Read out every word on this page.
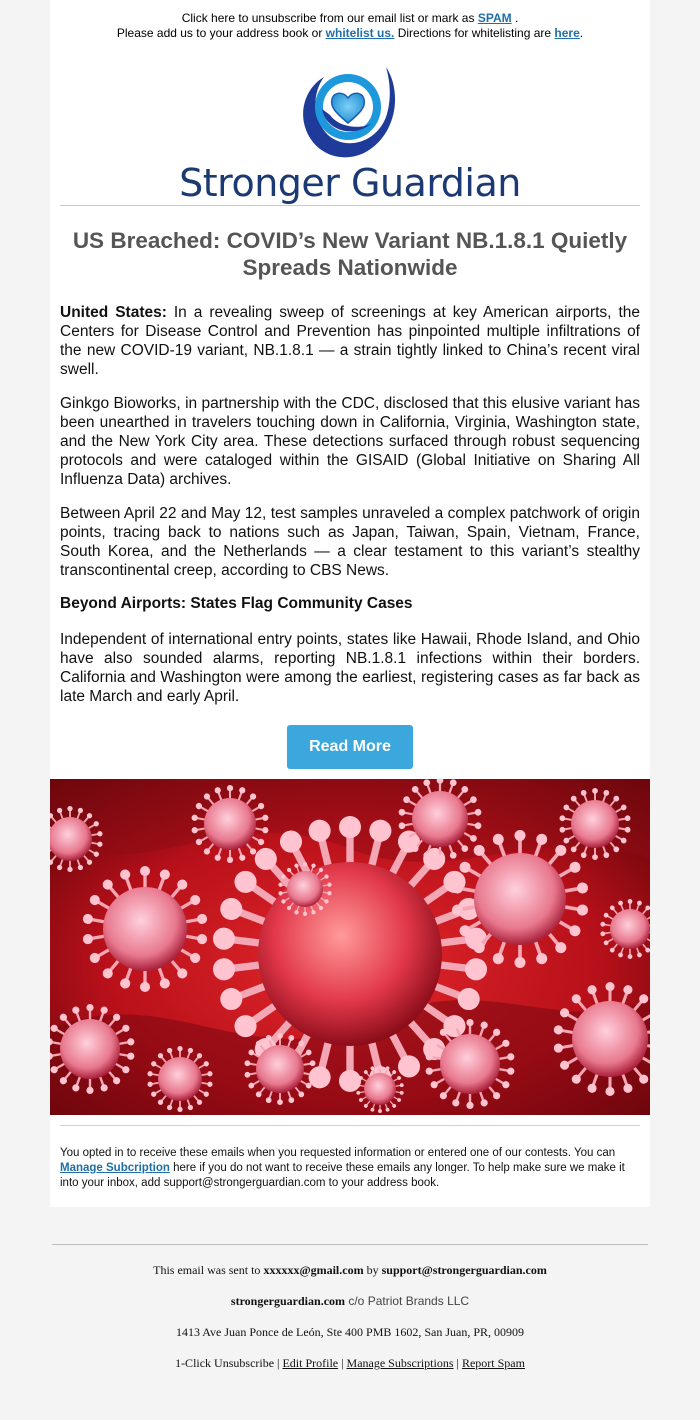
Click here to unsubscribe from our email list or mark as SPAM .
Please add us to your address book or whitelist us. Directions for whitelisting are here.
Stronger Guardian
US Breached: COVID’s New Variant NB.1.8.1 Quietly Spreads Nationwide

United States: In a revealing sweep of screenings at key American airports, the Centers for Disease Control and Prevention has pinpointed multiple infiltrations of the new COVID-19 variant, NB.1.8.1 — a strain tightly linked to China’s recent viral swell.

Ginkgo Bioworks, in partnership with the CDC, disclosed that this elusive variant has been unearthed in travelers touching down in California, Virginia, Washington state, and the New York City area. These detections surfaced through robust sequencing protocols and were cataloged within the GISAID (Global Initiative on Sharing All Influenza Data) archives.

Between April 22 and May 12, test samples unraveled a complex patchwork of origin points, tracing back to nations such as Japan, Taiwan, Spain, Vietnam, France, South Korea, and the Netherlands — a clear testament to this variant’s stealthy transcontinental creep, according to CBS News.

Beyond Airports: States Flag Community Cases

Independent of international entry points, states like Hawaii, Rhode Island, and Ohio have also sounded alarms, reporting NB.1.8.1 infections within their borders. California and Washington were among the earliest, registering cases as far back as late March and early April.

Read More
You opted in to receive these emails when you requested information or entered one of our contests. You can Manage Subcription here if you do not want to receive these emails any longer. To help make sure we make it into your inbox, add support@strongerguardian.com to your address book.
This email was sent to xxxxxx@gmail.com by support@strongerguardian.com
strongerguardian.com c/o Patriot Brands LLC
1413 Ave Juan Ponce de León, Ste 400 PMB 1602, San Juan, PR, 00909
1-Click Unsubscribe | Edit Profile | Manage Subscriptions | Report Spam
